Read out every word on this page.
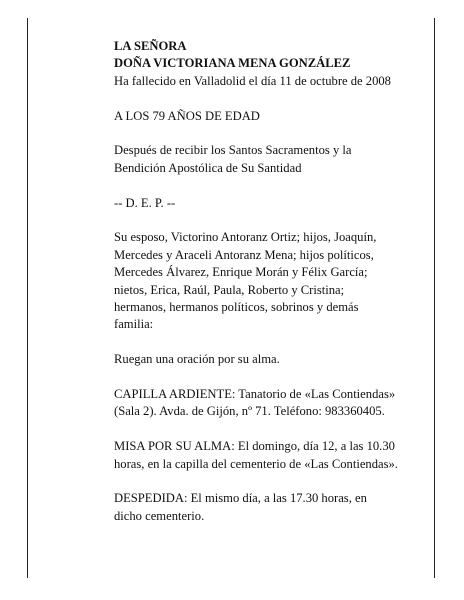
LA SEÑORA
DOÑA VICTORIANA MENA GONZÁLEZ
Ha fallecido en Valladolid el día 11 de octubre de 2008

A LOS 79 AÑOS DE EDAD

Después de recibir los Santos Sacramentos y la
Bendición Apostólica de Su Santidad

-- D. E. P. --

Su esposo, Victorino Antoranz Ortiz; hijos, Joaquín,
Mercedes y Araceli Antoranz Mena; hijos políticos,
Mercedes Álvarez, Enrique Morán y Félix García;
nietos, Erica, Raúl, Paula, Roberto y Cristina;
hermanos, hermanos políticos, sobrinos y demás
familia:

Ruegan una oración por su alma.

CAPILLA ARDIENTE: Tanatorio de «Las Contiendas»
(Sala 2). Avda. de Gijón, nº 71. Teléfono: 983360405.

MISA POR SU ALMA: El domingo, día 12, a las 10.30
horas, en la capilla del cementerio de «Las Contiendas».

DESPEDIDA: El mismo día, a las 17.30 horas, en
dicho cementerio.
